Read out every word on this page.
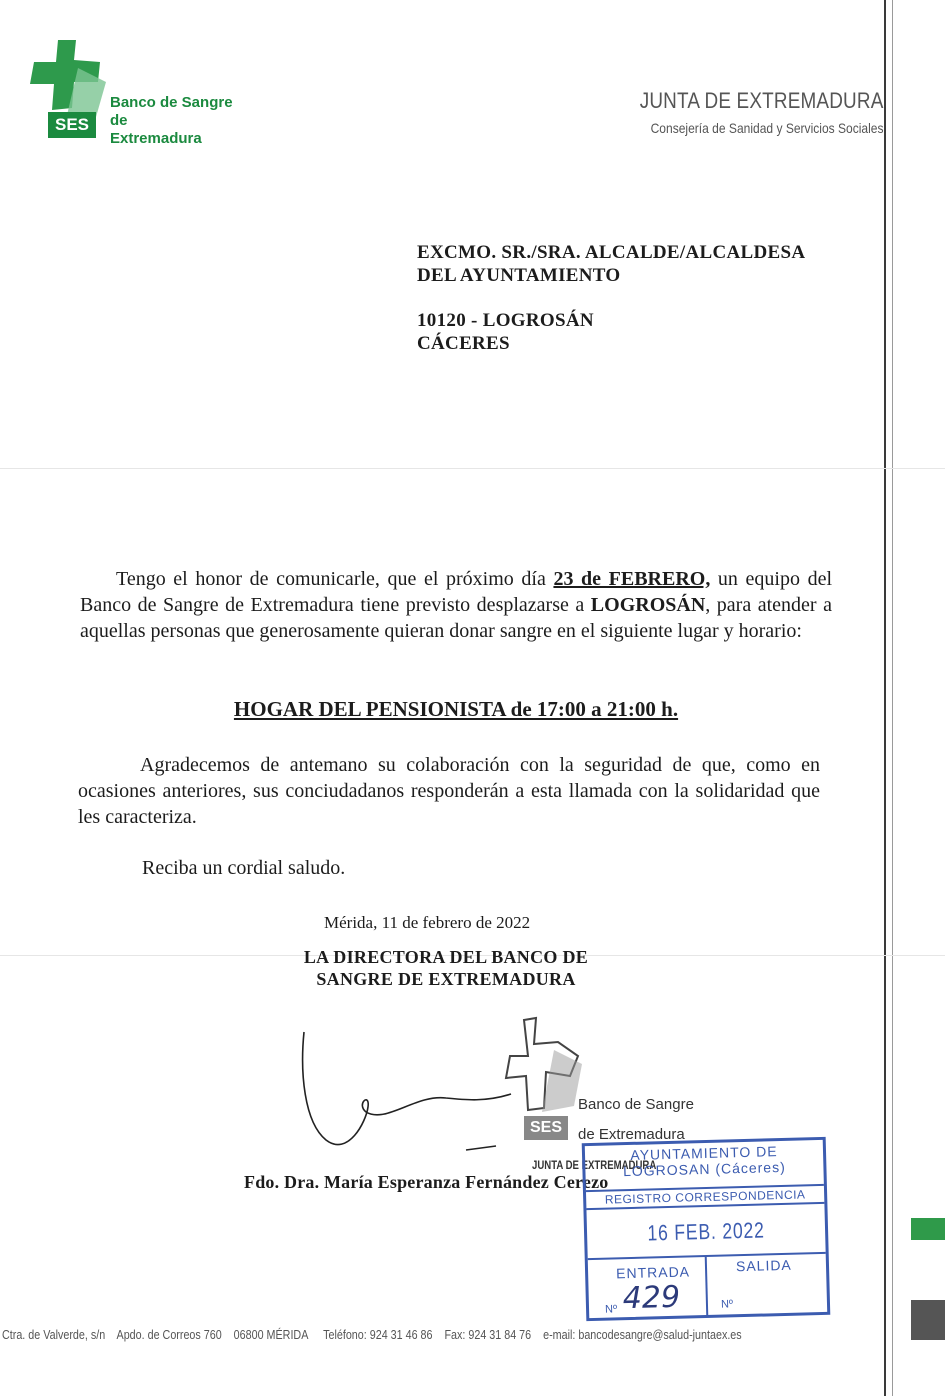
SES
Banco de Sangre
de
Extremadura
JUNTA DE EXTREMADURA
Consejería de Sanidad y Servicios Sociales
EXCMO. SR./SRA. ALCALDE/ALCALDESA
DEL AYUNTAMIENTO
10120 - LOGROSÁN
CÁCERES
Tengo el honor de comunicarle, que el próximo día 23 de FEBRERO, un equipo del Banco de Sangre de Extremadura tiene previsto desplazarse a LOGROSÁN, para atender a aquellas personas que generosamente quieran donar sangre en el siguiente lugar y horario:
HOGAR DEL PENSIONISTA de 17:00 a 21:00 h.
Agradecemos de antemano su colaboración con la seguridad de que, como en ocasiones anteriores, sus conciudadanos responderán a esta llamada con la solidaridad que les caracteriza.
Reciba un cordial saludo.
Mérida, 11 de febrero de 2022
LA DIRECTORA DEL BANCO DE
SANGRE DE EXTREMADURA
SES
Banco de Sangre
de Extremadura
JUNTA DE EXTREMADURA
Fdo. Dra. María Esperanza Fernández Cerezo
AYUNTAMIENTO DE
LOGROSAN (Cáceres)
REGISTRO CORRESPONDENCIA
16 FEB. 2022
ENTRADA	SALIDA
Nº 429	Nº
Ctra. de Valverde, s/n Apdo. de Correos 760 06800 MÉRIDA Teléfono: 924 31 46 86 Fax: 924 31 84 76 e-mail: bancodesangre@salud-juntaex.es
